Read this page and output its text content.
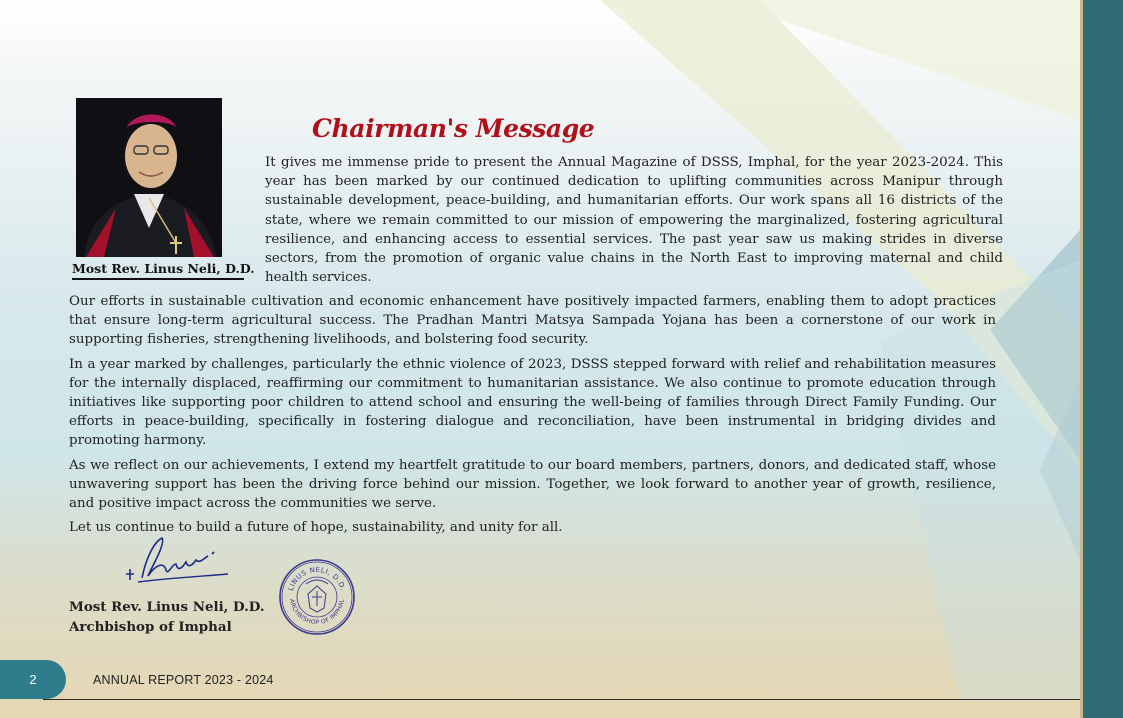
Most Rev. Linus Neli, D.D.
Chairman's Message

It gives me immense pride to present the Annual Magazine of DSSS, Imphal, for the year 2023-2024. This year has been marked by our continued dedication to uplifting communities across Manipur through sustainable development, peace-building, and humanitarian efforts. Our work spans all 16 districts of the state, where we remain committed to our mission of empowering the marginalized, fostering agricultural resilience, and enhancing access to essential services. The past year saw us making strides in diverse sectors, from the promotion of organic value chains in the North East to improving maternal and child health services.

Our efforts in sustainable cultivation and economic enhancement have positively impacted farmers, enabling them to adopt practices that ensure long-term agricultural success. The Pradhan Mantri Matsya Sampada Yojana has been a cornerstone of our work in supporting fisheries, strengthening livelihoods, and bolstering food security.

In a year marked by challenges, particularly the ethnic violence of 2023, DSSS stepped forward with relief and rehabilitation measures for the internally displaced, reaffirming our commitment to humanitarian assistance. We also continue to promote education through initiatives like supporting poor children to attend school and ensuring the well-being of families through Direct Family Funding. Our efforts in peace-building, specifically in fostering dialogue and reconciliation, have been instrumental in bridging divides and promoting harmony.

As we reflect on our achievements, I extend my heartfelt gratitude to our board members, partners, donors, and dedicated staff, whose unwavering support has been the driving force behind our mission. Together, we look forward to another year of growth, resilience, and positive impact across the communities we serve.

Let us continue to build a future of hope, sustainability, and unity for all.

Most Rev. Linus Neli, D.D.
Archbishop of Imphal
LINUS NELI, D.D.
ARCHBISHOP OF IMPHAL
2	ANNUAL REPORT 2023 - 2024
